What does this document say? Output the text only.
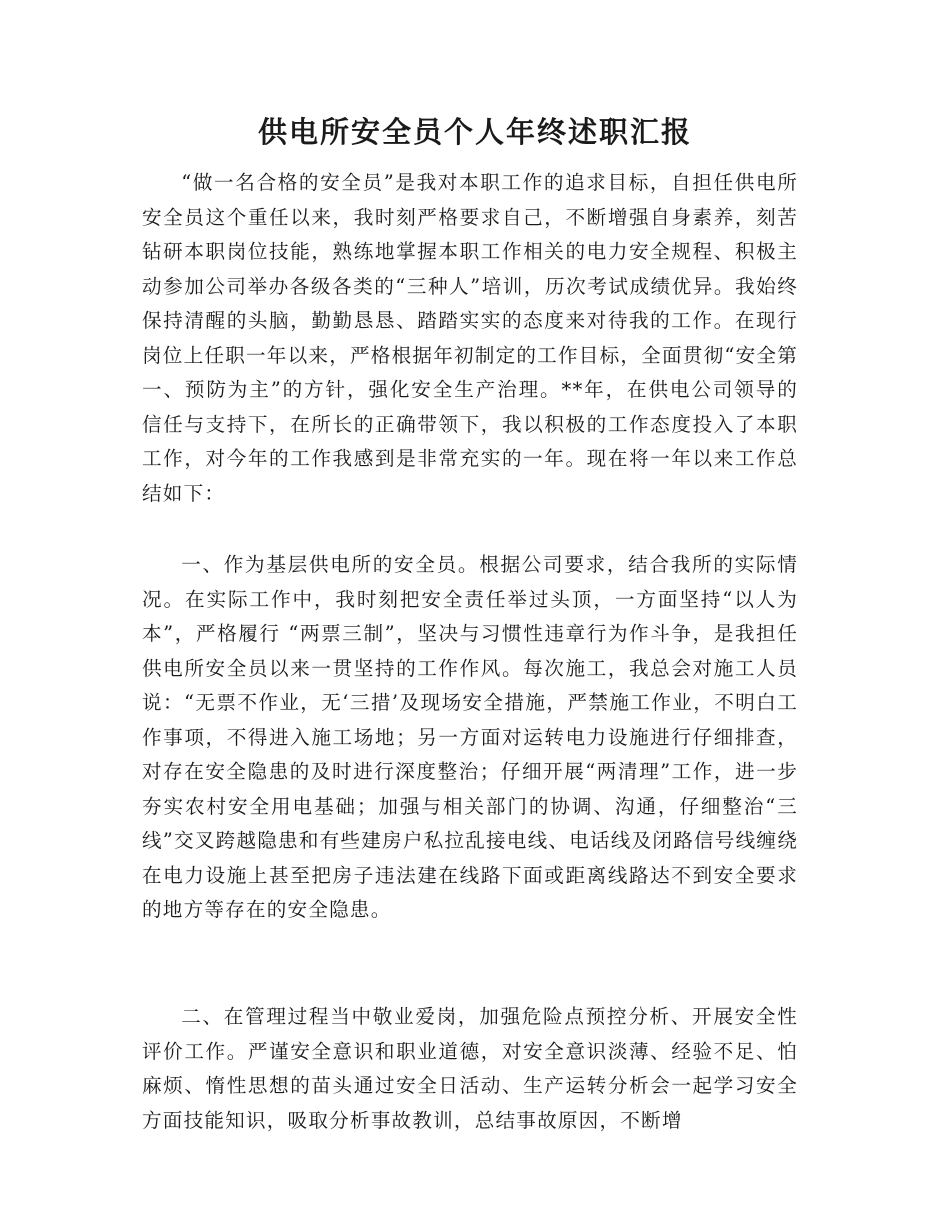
供电所安全员个人年终述职汇报

“做一名合格的安全员”是我对本职工作的追求目标，自担任供电所安全员这个重任以来，我时刻严格要求自己，不断增强自身素养，刻苦钻研本职岗位技能，熟练地掌握本职工作相关的电力安全规程、积极主动参加公司举办各级各类的“三种人”培训，历次考试成绩优异。我始终保持清醒的头脑，勤勤恳恳、踏踏实实的态度来对待我的工作。在现行岗位上任职一年以来，严格根据年初制定的工作目标，全面贯彻“安全第一、预防为主”的方针，强化安全生产治理。**年，在供电公司领导的信任与支持下，在所长的正确带领下，我以积极的工作态度投入了本职工作，对今年的工作我感到是非常充实的一年。现在将一年以来工作总结如下：

一、作为基层供电所的安全员。根据公司要求，结合我所的实际情况。在实际工作中，我时刻把安全责任举过头顶，一方面坚持“以人为本”，严格履行 “两票三制”，坚决与习惯性违章行为作斗争，是我担任供电所安全员以来一贯坚持的工作作风。每次施工，我总会对施工人员说：“无票不作业，无‘三措’及现场安全措施，严禁施工作业，不明白工作事项，不得进入施工场地；另一方面对运转电力设施进行仔细排查，对存在安全隐患的及时进行深度整治；仔细开展“两清理”工作，进一步夯实农村安全用电基础；加强与相关部门的协调、沟通，仔细整治“三线”交叉跨越隐患和有些建房户私拉乱接电线、电话线及闭路信号线缠绕在电力设施上甚至把房子违法建在线路下面或距离线路达不到安全要求的地方等存在的安全隐患。

二、在管理过程当中敬业爱岗，加强危险点预控分析、开展安全性评价工作。严谨安全意识和职业道德，对安全意识淡薄、经验不足、怕麻烦、惰性思想的苗头通过安全日活动、生产运转分析会一起学习安全方面技能知识，吸取分析事故教训，总结事故原因，不断增
